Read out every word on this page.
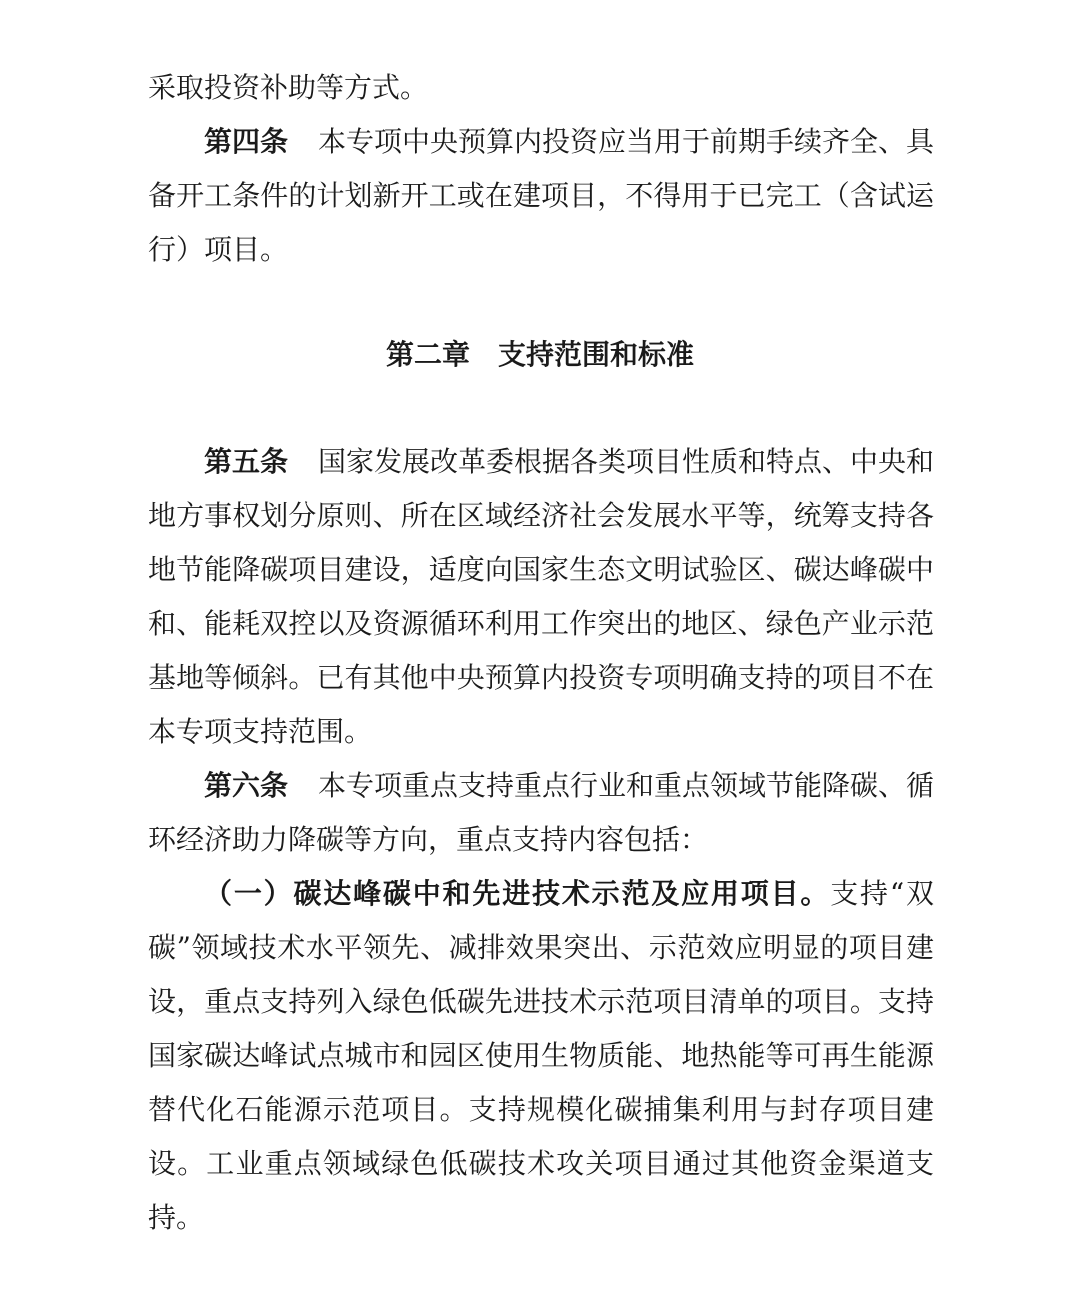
采取投资补助等方式。
第四条 本专项中央预算内投资应当用于前期手续齐全、具
备开工条件的计划新开工或在建项目，不得用于已完工（含试运
行）项目。
第二章　支持范围和标准
第五条 国家发展改革委根据各类项目性质和特点、中央和
地方事权划分原则、所在区域经济社会发展水平等，统筹支持各
地节能降碳项目建设，适度向国家生态文明试验区、碳达峰碳中
和、能耗双控以及资源循环利用工作突出的地区、绿色产业示范
基地等倾斜。已有其他中央预算内投资专项明确支持的项目不在
本专项支持范围。
第六条 本专项重点支持重点行业和重点领域节能降碳、循
环经济助力降碳等方向，重点支持内容包括：
（一）碳达峰碳中和先进技术示范及应用项目。支持“双
碳”领域技术水平领先、减排效果突出、示范效应明显的项目建
设，重点支持列入绿色低碳先进技术示范项目清单的项目。支持
国家碳达峰试点城市和园区使用生物质能、地热能等可再生能源
替代化石能源示范项目。支持规模化碳捕集利用与封存项目建
设。工业重点领域绿色低碳技术攻关项目通过其他资金渠道支
持。
